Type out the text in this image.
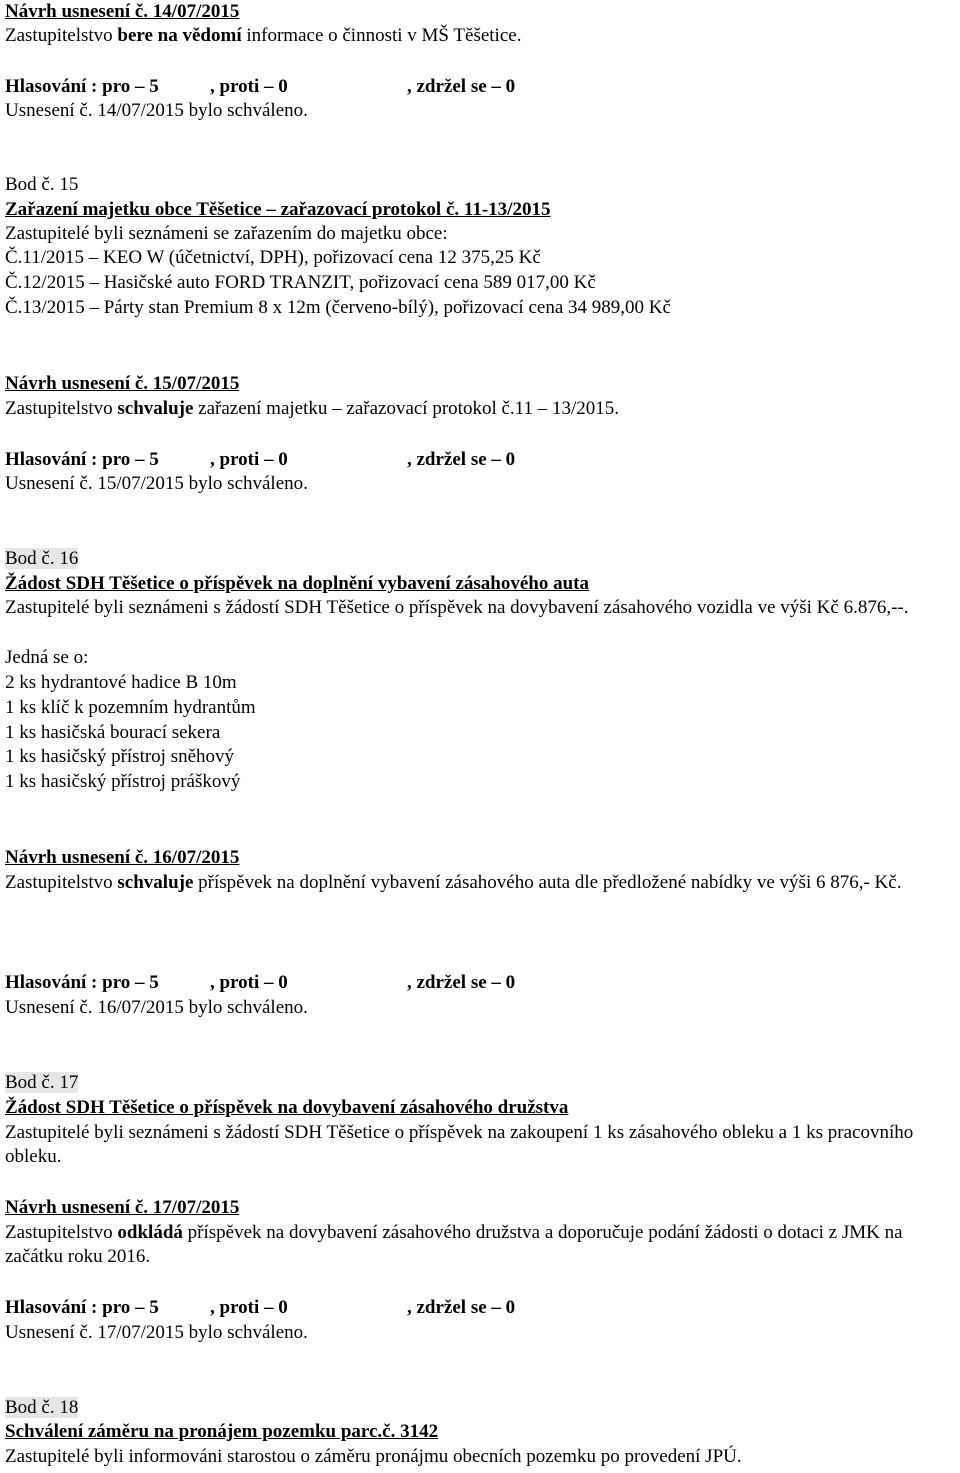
Návrh usnesení č. 14/07/2015
Zastupitelstvo bere na vědomí informace o činnosti v MŠ Těšetice.
Hlasování : pro – 5	, proti – 0	, zdržel se – 0
Usnesení č. 14/07/2015 bylo schváleno.
Bod č. 15
Zařazení majetku obce Těšetice – zařazovací protokol č. 11-13/2015
Zastupitelé byli seznámeni se zařazením do majetku obce:
Č.11/2015 – KEO W (účetnictví, DPH), pořizovací cena 12 375,25 Kč
Č.12/2015 – Hasičské auto FORD TRANZIT, pořizovací cena 589 017,00 Kč
Č.13/2015 – Párty stan Premium 8 x 12m (červeno-bílý), pořizovací cena 34 989,00 Kč
Návrh usnesení č. 15/07/2015
Zastupitelstvo schvaluje zařazení majetku – zařazovací protokol č.11 – 13/2015.
Hlasování : pro – 5	, proti – 0	, zdržel se – 0
Usnesení č. 15/07/2015 bylo schváleno.
Bod č. 16
Žádost SDH Těšetice o příspěvek na doplnění vybavení zásahového auta
Zastupitelé byli seznámeni s žádostí SDH Těšetice o příspěvek na dovybavení zásahového vozidla ve výši Kč 6.876,--.
Jedná se o:
2 ks hydrantové hadice B 10m
1 ks klíč k pozemním hydrantům
1 ks hasičská bourací sekera
1 ks hasičský přístroj sněhový
1 ks hasičský přístroj práškový
Návrh usnesení č. 16/07/2015
Zastupitelstvo schvaluje příspěvek na doplnění vybavení zásahového auta dle předložené nabídky ve výši 6 876,- Kč.
Hlasování : pro – 5	, proti – 0	, zdržel se – 0
Usnesení č. 16/07/2015 bylo schváleno.
Bod č. 17
Žádost SDH Těšetice o příspěvek na dovybavení zásahového družstva
Zastupitelé byli seznámeni s žádostí SDH Těšetice o příspěvek na zakoupení 1 ks zásahového obleku a 1 ks pracovního obleku.
Návrh usnesení č. 17/07/2015
Zastupitelstvo odkládá příspěvek na dovybavení zásahového družstva a doporučuje podání žádosti o dotaci z JMK na začátku roku 2016.
Hlasování : pro – 5	, proti – 0	, zdržel se – 0
Usnesení č. 17/07/2015 bylo schváleno.
Bod č. 18
Schválení záměru na pronájem pozemku parc.č. 3142
Zastupitelé byli informováni starostou o záměru pronájmu obecních pozemku po provedení JPÚ.
